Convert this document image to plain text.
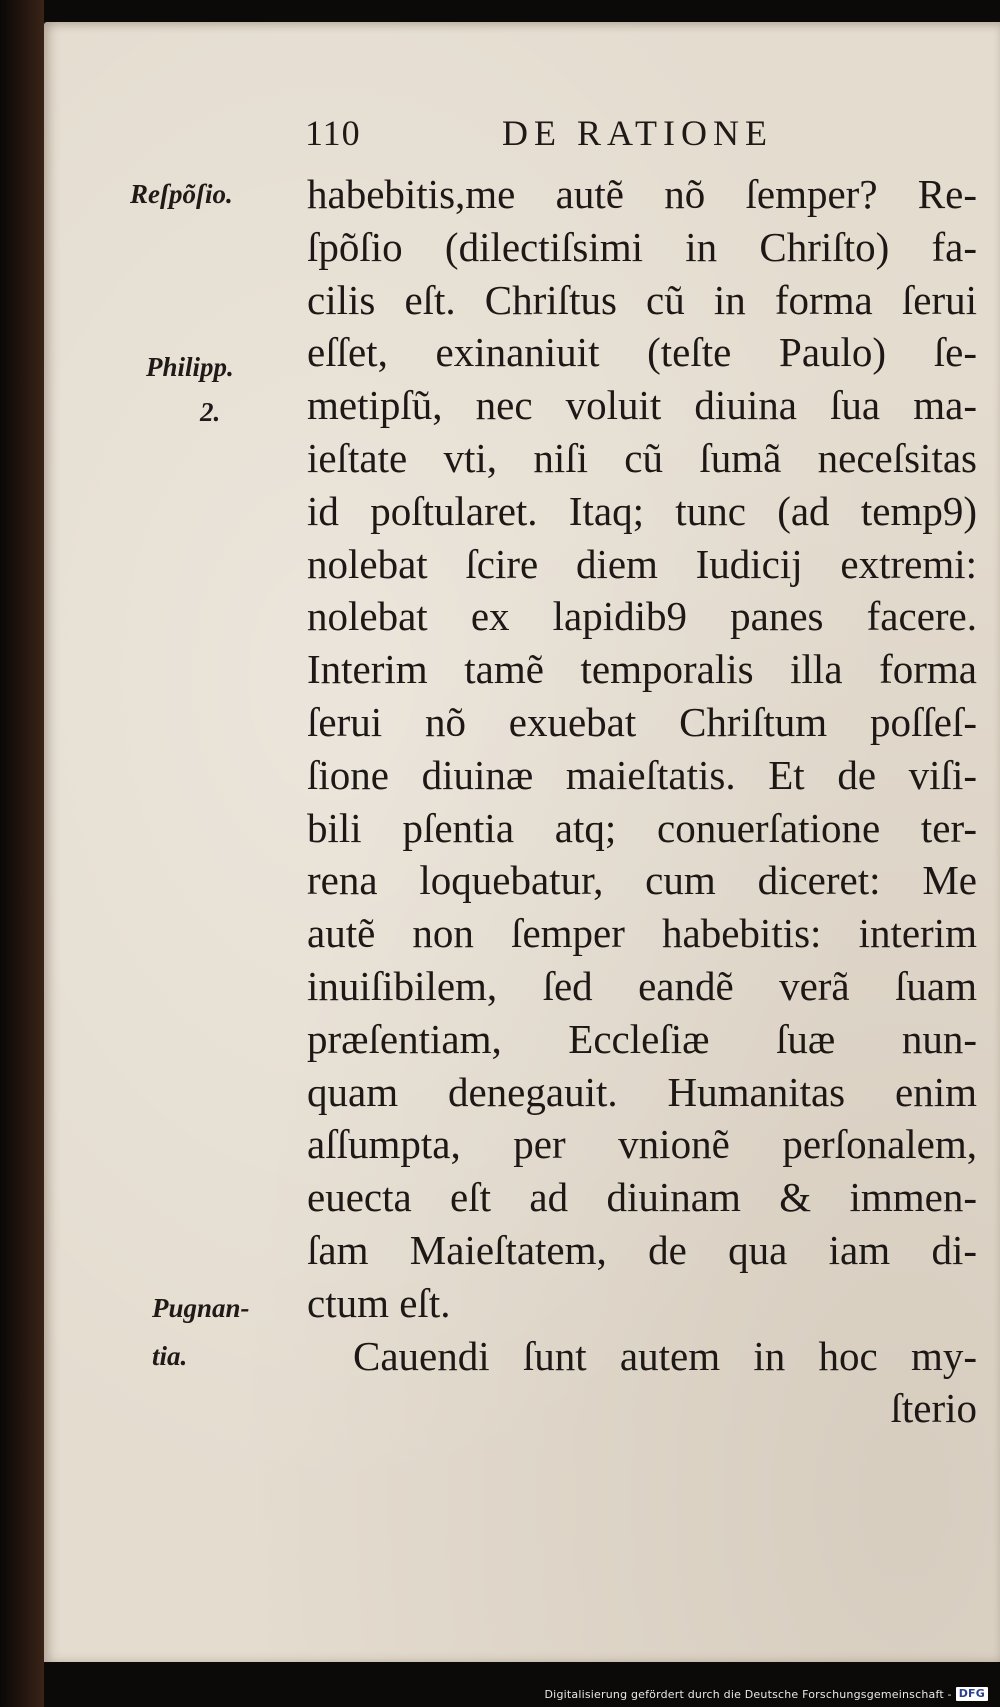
110	DE RATIONE
Reſpõſio.
Philipp.
2.
Pugnan-
tia.
habebitis,me autẽ nõ ſemper? Re-
ſpõſio (dilectiſsimi in Chriſto) fa-
cilis eſt. Chriſtus cũ in forma ſerui
eſſet, exinaniuit (teſte Paulo) ſe-
metipſũ, nec voluit diuina ſua ma-
ieſtate vti, niſi cũ ſumã neceſsitas
id poſtularet. Itaq; tunc (ad temp9)
nolebat ſcire diem Iudicij extremi:
nolebat ex lapidib9 panes facere.
Interim tamẽ temporalis illa forma
ſerui nõ exuebat Chriſtum poſſeſ-
ſione diuinæ maieſtatis. Et de viſi-
bili pſentia atq; conuerſatione ter-
rena loquebatur, cum diceret: Me
autẽ non ſemper habebitis: interim
inuiſibilem, ſed eandẽ verã ſuam
præſentiam, Eccleſiæ ſuæ nun-
quam denegauit. Humanitas enim
aſſumpta, per vnionẽ perſonalem,
euecta eſt ad diuinam & immen-
ſam Maieſtatem, de qua iam di-
ctum eſt.
Cauendi ſunt autem in hoc my-
ſterio
Digitalisierung gefördert durch die Deutsche Forschungsgemeinschaft - DFG
